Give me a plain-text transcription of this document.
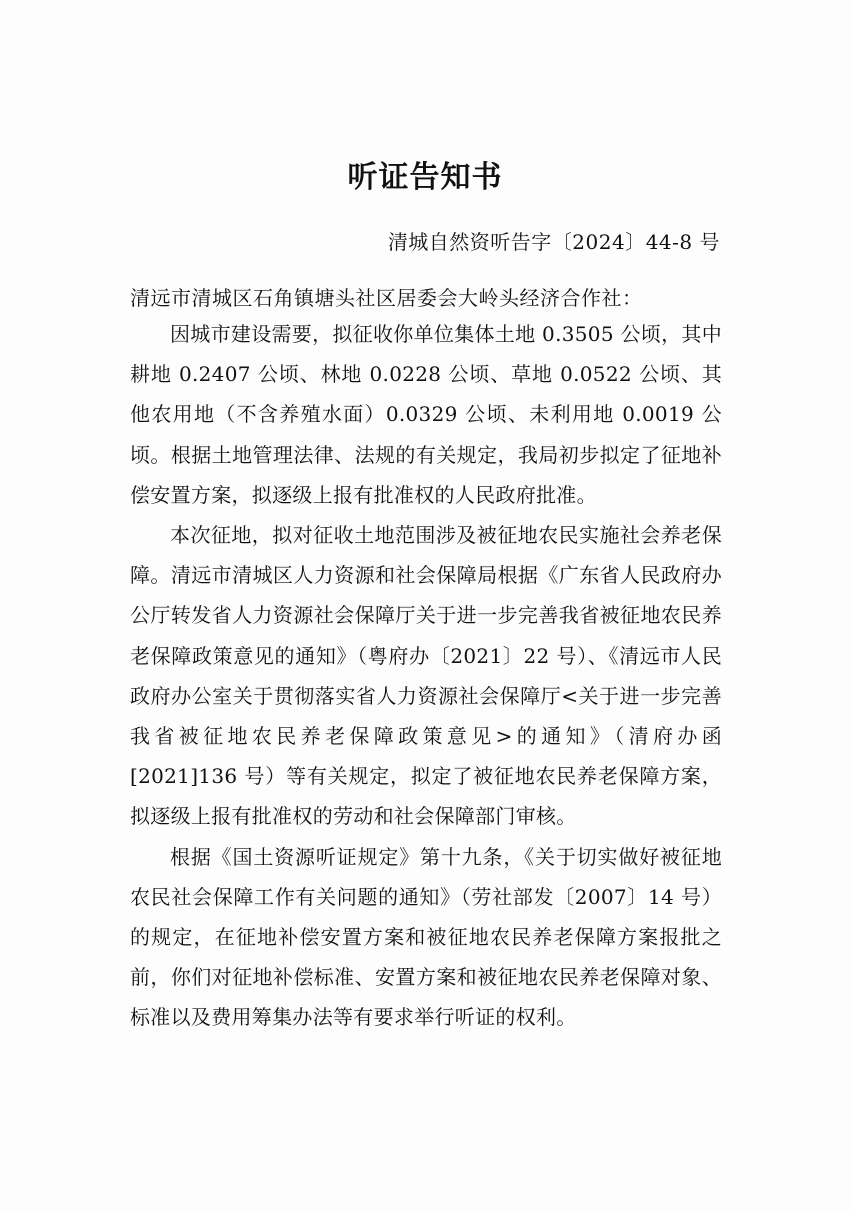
听证告知书
清城自然资听告字〔2024〕44-8 号
清远市清城区石角镇塘头社区居委会大岭头经济合作社：

因城市建设需要，拟征收你单位集体土地 0.3505 公顷，其中耕地 0.2407 公顷、林地 0.0228 公顷、草地 0.0522 公顷、其他农用地（不含养殖水面）0.0329 公顷、未利用地 0.0019 公顷。根据土地管理法律、法规的有关规定，我局初步拟定了征地补偿安置方案，拟逐级上报有批准权的人民政府批准。

本次征地，拟对征收土地范围涉及被征地农民实施社会养老保障。清远市清城区人力资源和社会保障局根据《广东省人民政府办公厅转发省人力资源社会保障厅关于进一步完善我省被征地农民养老保障政策意见的通知》（粤府办〔2021〕22 号）、《清远市人民政府办公室关于贯彻落实省人力资源社会保障厅<关于进一步完善我省被征地农民养老保障政策意见>的通知》（清府办函[2021]136 号）等有关规定，拟定了被征地农民养老保障方案，拟逐级上报有批准权的劳动和社会保障部门审核。

根据《国土资源听证规定》第十九条，《关于切实做好被征地农民社会保障工作有关问题的通知》（劳社部发〔2007〕14 号）的规定，在征地补偿安置方案和被征地农民养老保障方案报批之前，你们对征地补偿标准、安置方案和被征地农民养老保障对象、标准以及费用筹集办法等有要求举行听证的权利。
